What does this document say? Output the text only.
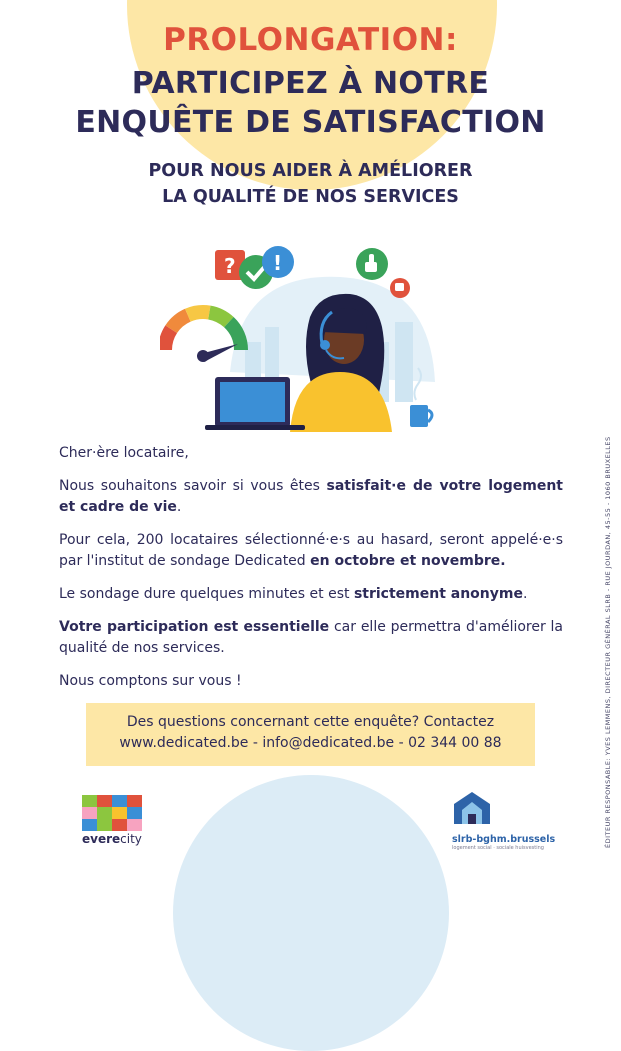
PROLONGATION:
PARTICIPEZ À NOTRE
ENQUÊTE DE SATISFACTION
POUR NOUS AIDER À AMÉLIORER
LA QUALITÉ DE NOS SERVICES
? !

Cher·ère locataire,

Nous souhaitons savoir si vous êtes satisfait·e de votre logement et cadre de vie.

Pour cela, 200 locataires sélectionné·e·s au hasard, seront appelé·e·s par l'institut de sondage Dedicated en octobre et novembre.

Le sondage dure quelques minutes et est strictement anonyme.

Votre participation est essentielle car elle permettra d'améliorer la qualité de nos services.

Nous comptons sur vous !

Des questions concernant cette enquête? Contactez
www.dedicated.be - info@dedicated.be - 02 344 00 88	ÉDITEUR RESPONSABLE: YVES LEMMENS, DIRECTEUR GÉNÉRAL SLRB - RUE JOURDAN, 45-55 - 1060 BRUXELLES
everecity	slrb-bghm.brussels
logement social · sociale huisvesting
